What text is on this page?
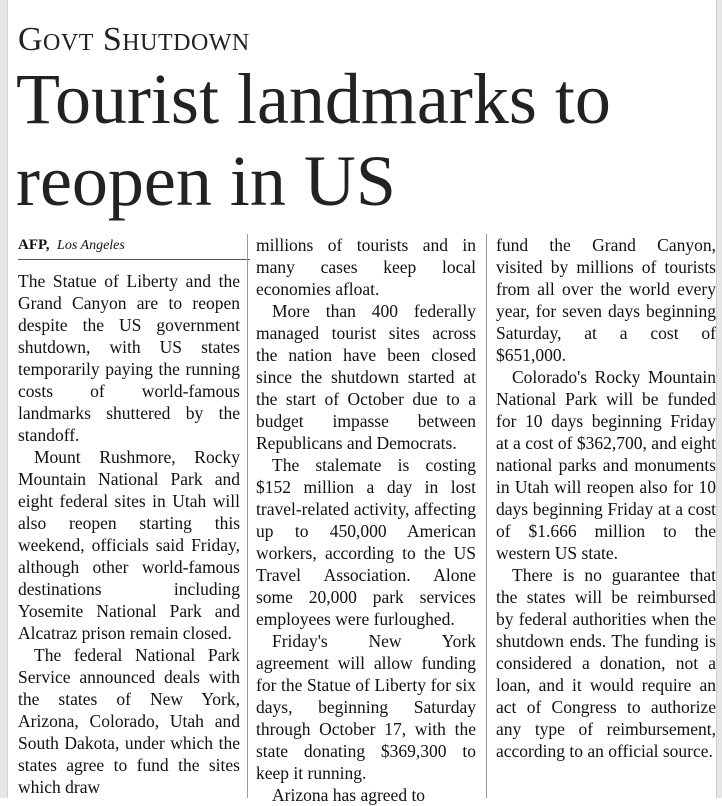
Govt Shutdown
Tourist landmarks to reopen in US
AFP, Los Angeles

The Statue of Liberty and the Grand Canyon are to reopen despite the US government shutdown, with US states temporarily paying the running costs of world-famous landmarks shuttered by the standoff.

Mount Rushmore, Rocky Mountain National Park and eight federal sites in Utah will also reopen starting this weekend, officials said Friday, although other world-famous destinations including Yosemite National Park and Alcatraz prison remain closed.

The federal National Park Service announced deals with the states of New York, Arizona, Colorado, Utah and South Dakota, under which the states agree to fund the sites which draw

millions of tourists and in many cases keep local economies afloat.

More than 400 federally managed tourist sites across the nation have been closed since the shutdown started at the start of October due to a budget impasse between Republicans and Democrats.

The stalemate is costing $152 million a day in lost travel-related activity, affecting up to 450,000 American workers, according to the US Travel Association. Alone some 20,000 park services employees were furloughed.

Friday's New York agreement will allow funding for the Statue of Liberty for six days, beginning Saturday through October 17, with the state donating $369,300 to keep it running.

Arizona has agreed to

fund the Grand Canyon, visited by millions of tourists from all over the world every year, for seven days beginning Saturday, at a cost of $651,000.

Colorado's Rocky Mountain National Park will be funded for 10 days beginning Friday at a cost of $362,700, and eight national parks and monuments in Utah will reopen also for 10 days beginning Friday at a cost of $1.666 million to the western US state.

There is no guarantee that the states will be reimbursed by federal authorities when the shutdown ends. The funding is considered a donation, not a loan, and it would require an act of Congress to authorize any type of reimbursement, according to an official source.
